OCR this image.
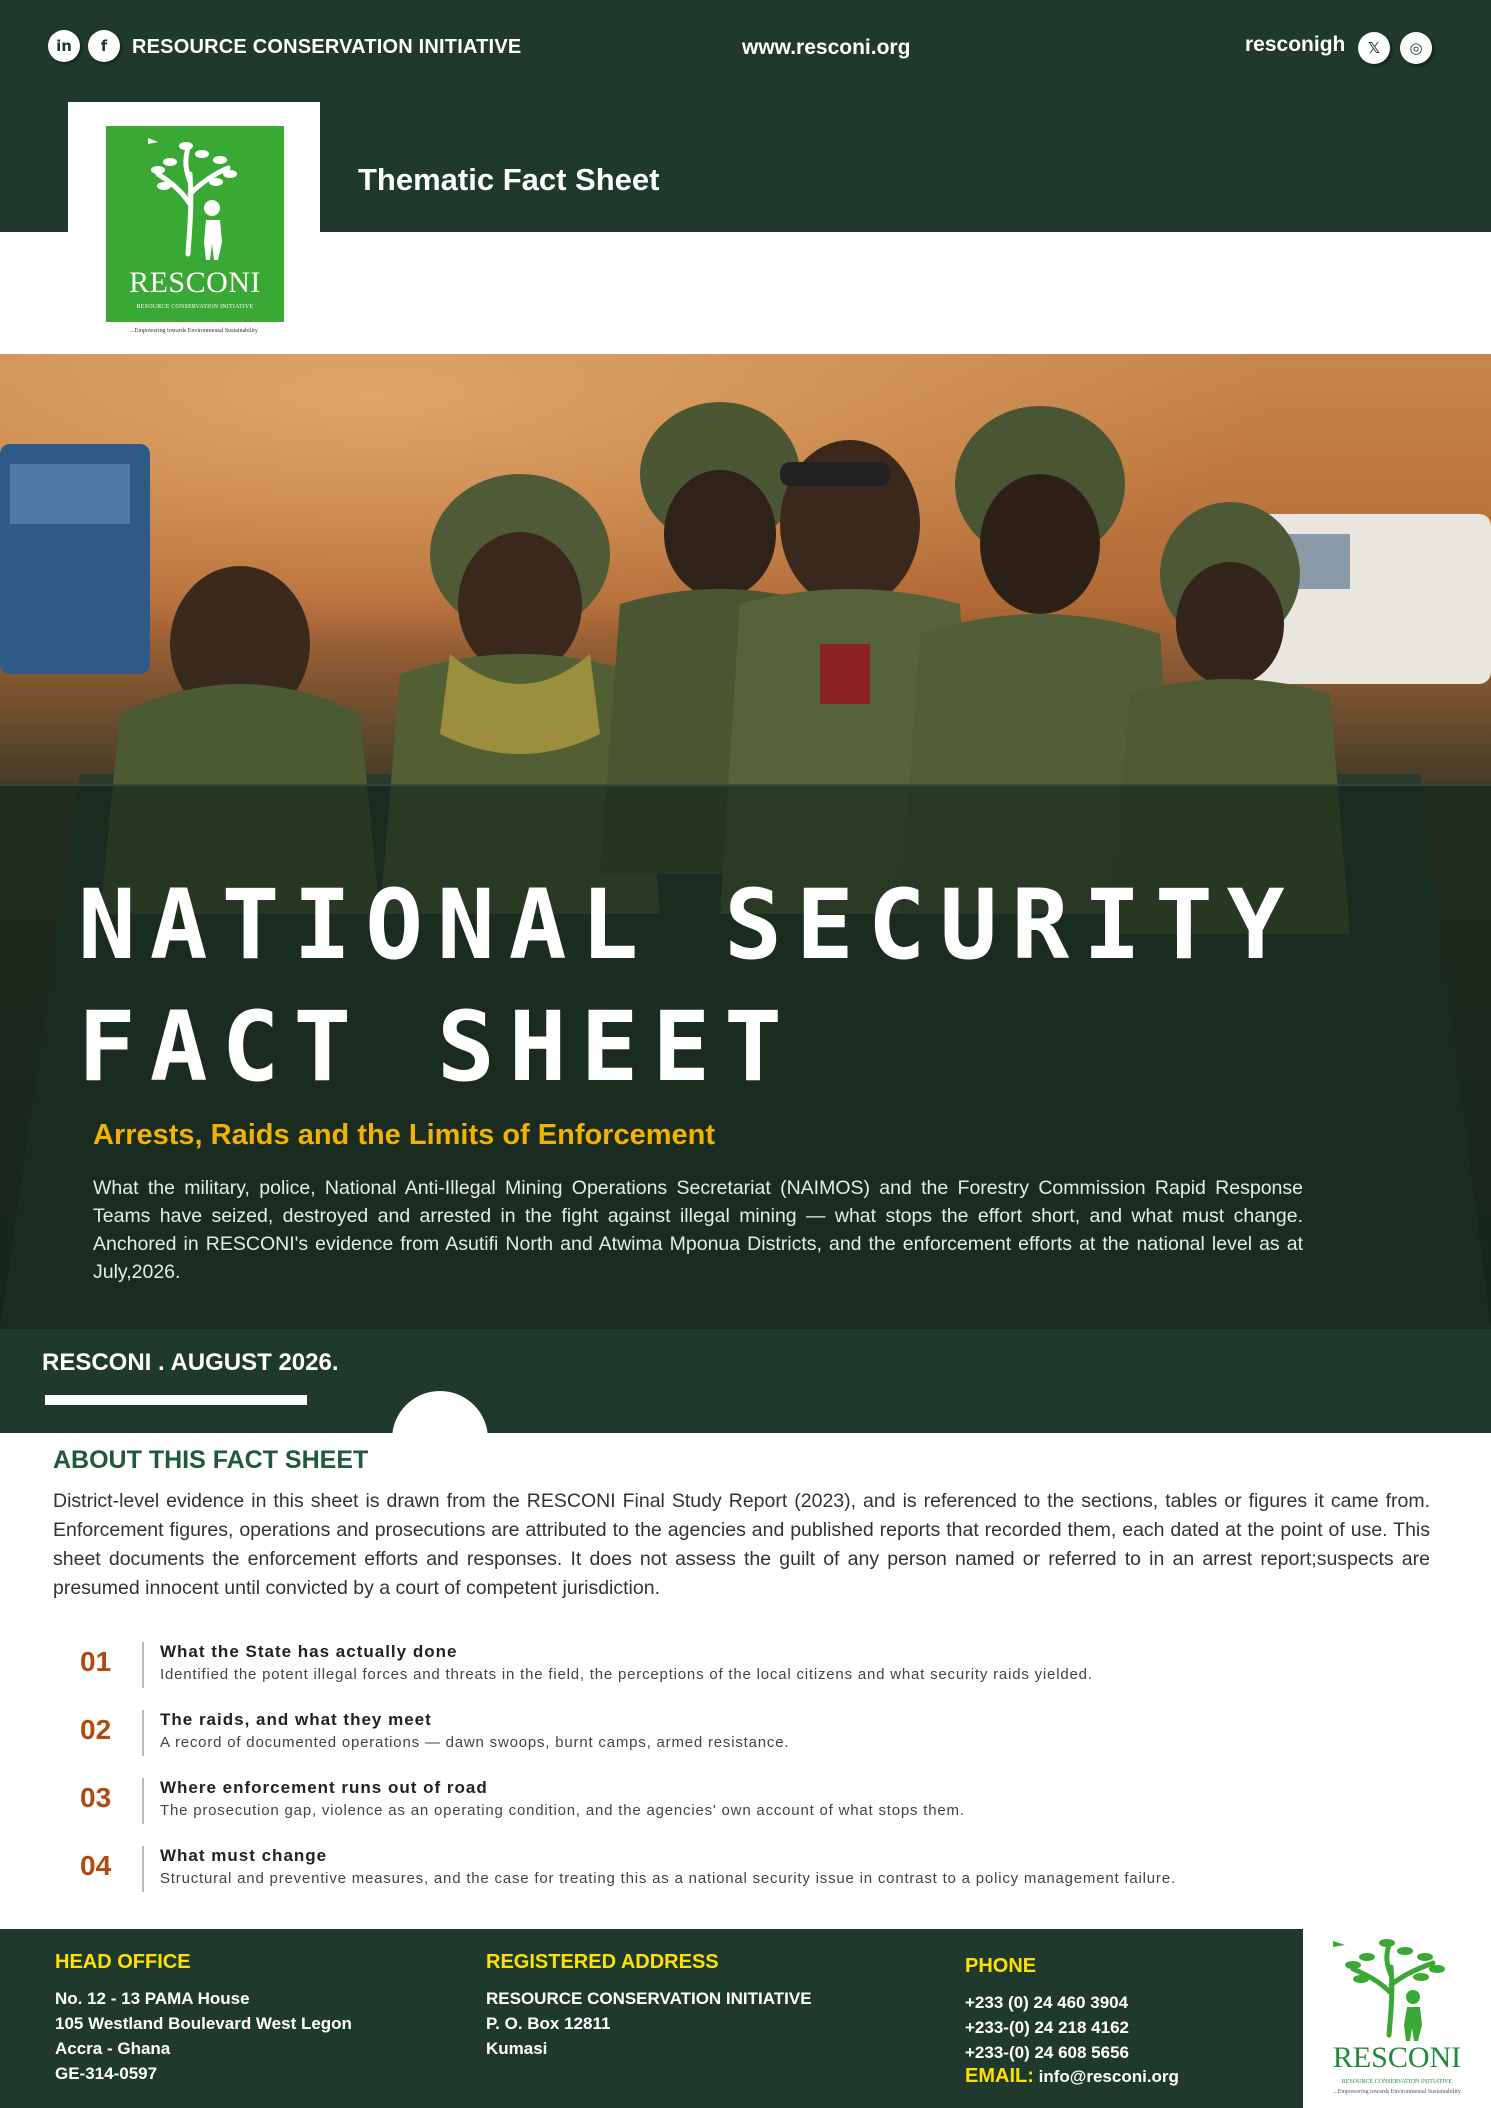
in	f	RESOURCE CONSERVATION INITIATIVE	www.resconi.org	resconigh	𝕏	◎
Thematic Fact Sheet
RESCONI
RESOURCE CONSERVATION INITIATIVE
...Empowering towards Environmental Sustainability
NATIONAL SECURITY
FACT SHEET
Arrests, Raids and the Limits of Enforcement
What the military, police, National Anti-Illegal Mining Operations Secretariat (NAIMOS) and the Forestry Commission Rapid Response Teams have seized, destroyed and arrested in the fight against illegal mining — what stops the effort short, and what must change. Anchored in RESCONI's evidence from Asutifi North and Atwima Mponua Districts, and the enforcement efforts at the national level as at July,2026.
RESCONI . AUGUST 2026.
ABOUT THIS FACT SHEET
District-level evidence in this sheet is drawn from the RESCONI Final Study Report (2023), and is referenced to the sections, tables or figures it came from. Enforcement figures, operations and prosecutions are attributed to the agencies and published reports that recorded them, each dated at the point of use. This sheet documents the enforcement efforts and responses. It does not assess the guilt of any person named or referred to in an arrest report;suspects are presumed innocent until convicted by a court of competent jurisdiction.
01	What the State has actually done
Identified the potent illegal forces and threats in the field, the perceptions of the local citizens and what security raids yielded.
02	The raids, and what they meet
A record of documented operations — dawn swoops, burnt camps, armed resistance.
03	Where enforcement runs out of road
The prosecution gap, violence as an operating condition, and the agencies' own account of what stops them.
04	What must change
Structural and preventive measures, and the case for treating this as a national security issue in contrast to a policy management failure.
HEAD OFFICE
No. 12 - 13 PAMA House
105 Westland Boulevard West Legon
Accra - Ghana
GE-314-0597
REGISTERED ADDRESS
RESOURCE CONSERVATION INITIATIVE
P. O. Box 12811
Kumasi
PHONE
+233 (0) 24 460 3904
+233-(0) 24 218 4162
+233-(0) 24 608 5656
EMAIL: info@resconi.org
RESCONI
RESOURCE CONSERVATION INITIATIVE
...Empowering towards Environmental Sustainability
